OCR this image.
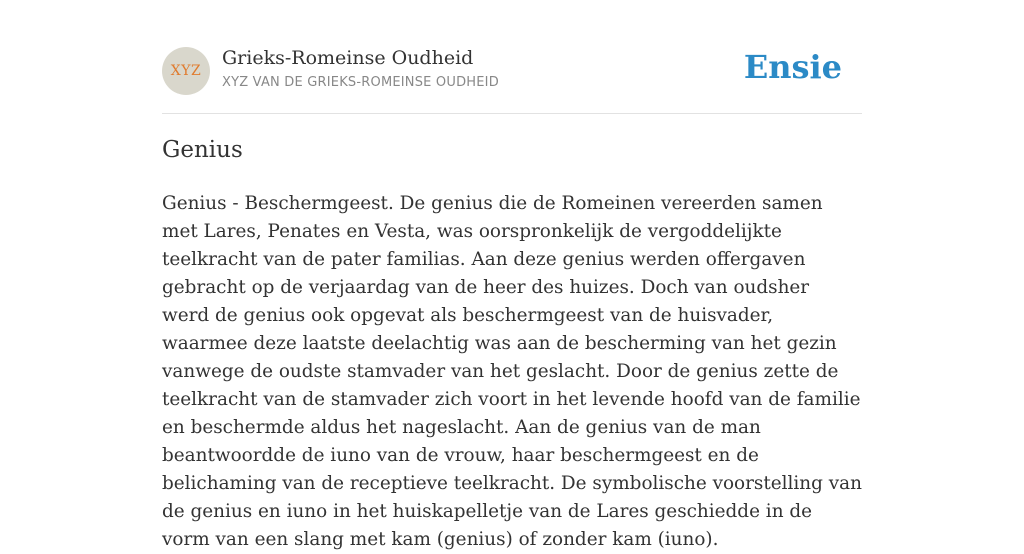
XYZ
Grieks-Romeinse Oudheid
XYZ VAN DE GRIEKS-ROMEINSE OUDHEID	Ensie
Genius

Genius - Beschermgeest. De genius die de Romeinen vereerden samen met Lares, Penates en Vesta, was oorspronkelijk de vergoddelijkte teelkracht van de pater familias. Aan deze genius werden offergaven gebracht op de verjaardag van de heer des huizes. Doch van oudsher werd de genius ook opgevat als beschermgeest van de huisvader, waarmee deze laatste deelachtig was aan de bescherming van het gezin vanwege de oudste stamvader van het geslacht. Door de genius zette de teelkracht van de stamvader zich voort in het levende hoofd van de familie en beschermde aldus het nageslacht. Aan de genius van de man beantwoordde de iuno van de vrouw, haar beschermgeest en de belichaming van de receptieve teelkracht. De symbolische voorstelling van de genius en iuno in het huiskapelletje van de Lares geschiedde in de vorm van een slang met kam (genius) of zonder kam (iuno).
